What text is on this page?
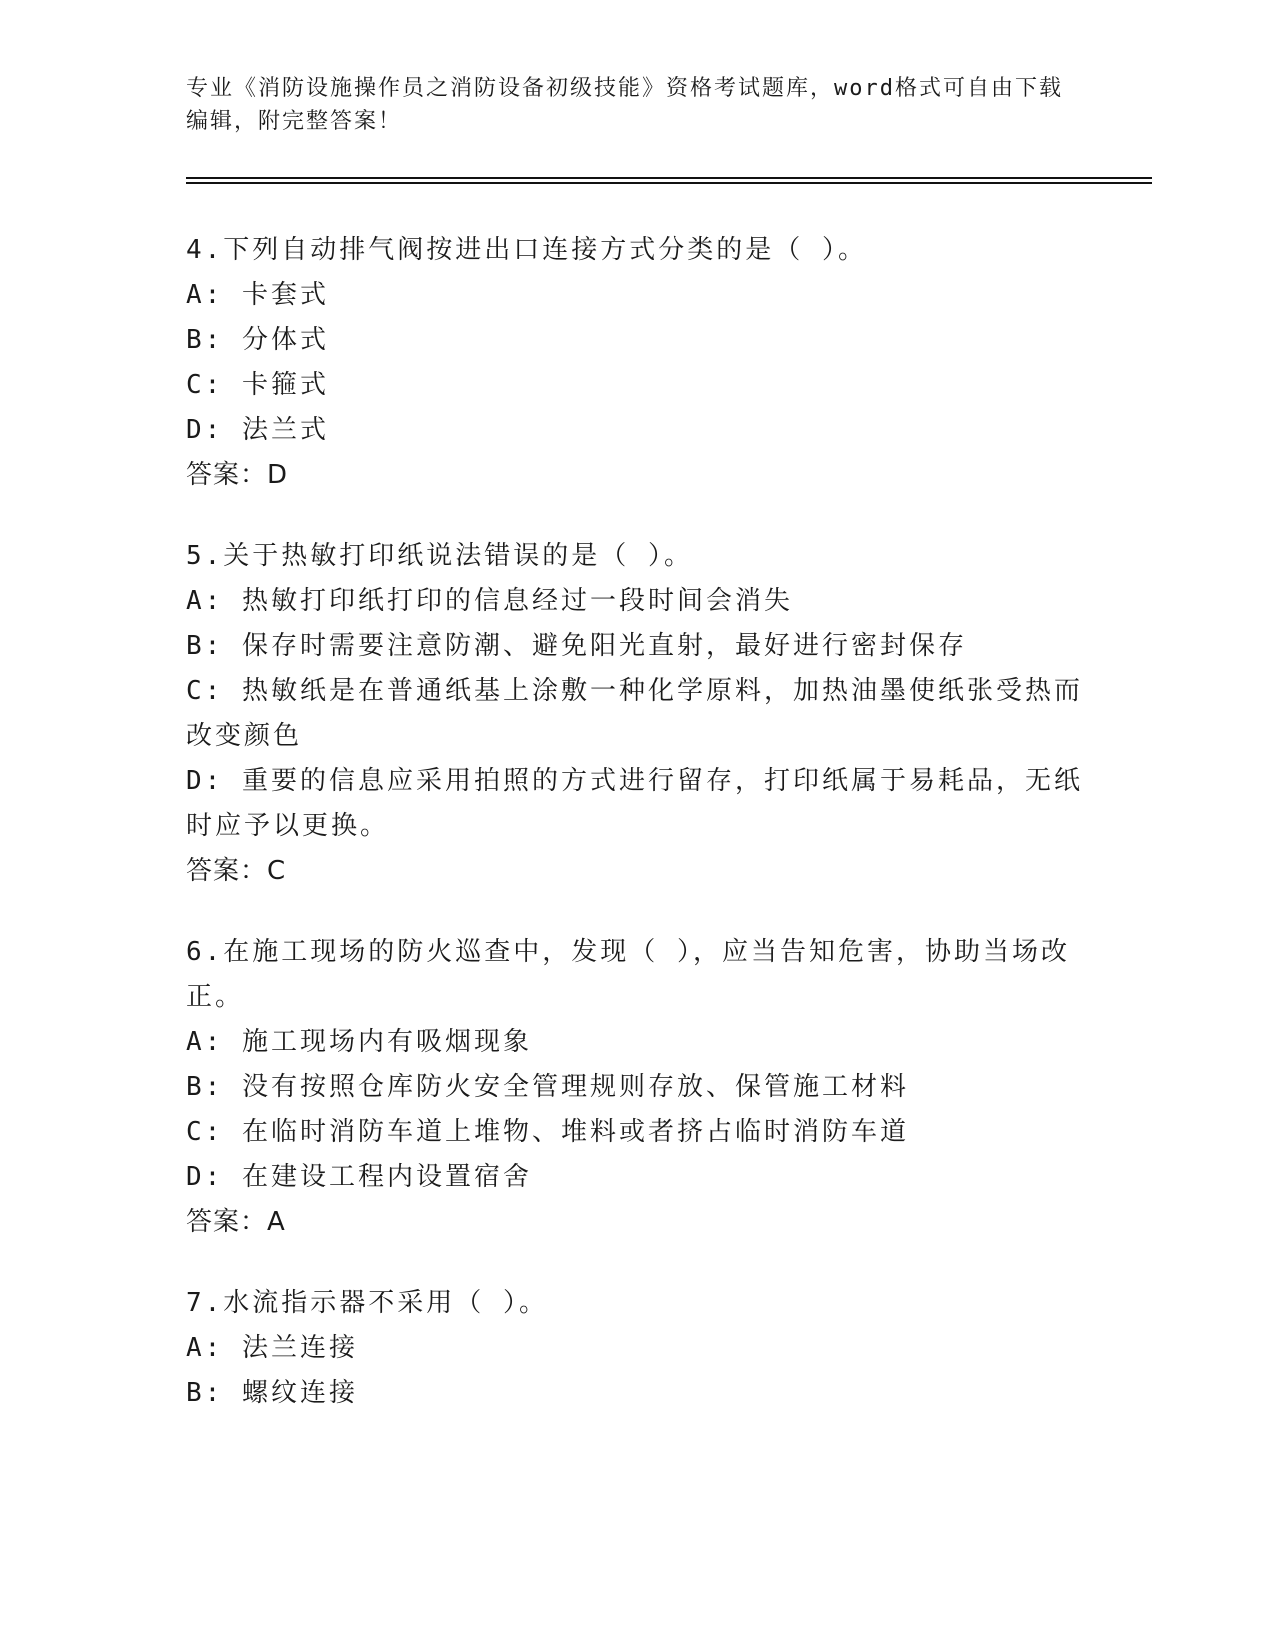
专业《消防设施操作员之消防设备初级技能》资格考试题库，word格式可自由下载编辑，附完整答案！
4.下列自动排气阀按进出口连接方式分类的是（ ）。
A: 卡套式
B: 分体式
C: 卡箍式
D: 法兰式
答案：D
5.关于热敏打印纸说法错误的是（ ）。
A: 热敏打印纸打印的信息经过一段时间会消失
B: 保存时需要注意防潮、避免阳光直射，最好进行密封保存
C: 热敏纸是在普通纸基上涂敷一种化学原料，加热油墨使纸张受热而改变颜色
D: 重要的信息应采用拍照的方式进行留存，打印纸属于易耗品，无纸时应予以更换。
答案：C
6.在施工现场的防火巡查中，发现（ ），应当告知危害，协助当场改正。
A: 施工现场内有吸烟现象
B: 没有按照仓库防火安全管理规则存放、保管施工材料
C: 在临时消防车道上堆物、堆料或者挤占临时消防车道
D: 在建设工程内设置宿舍
答案：A
7.水流指示器不采用（ ）。
A: 法兰连接
B: 螺纹连接
